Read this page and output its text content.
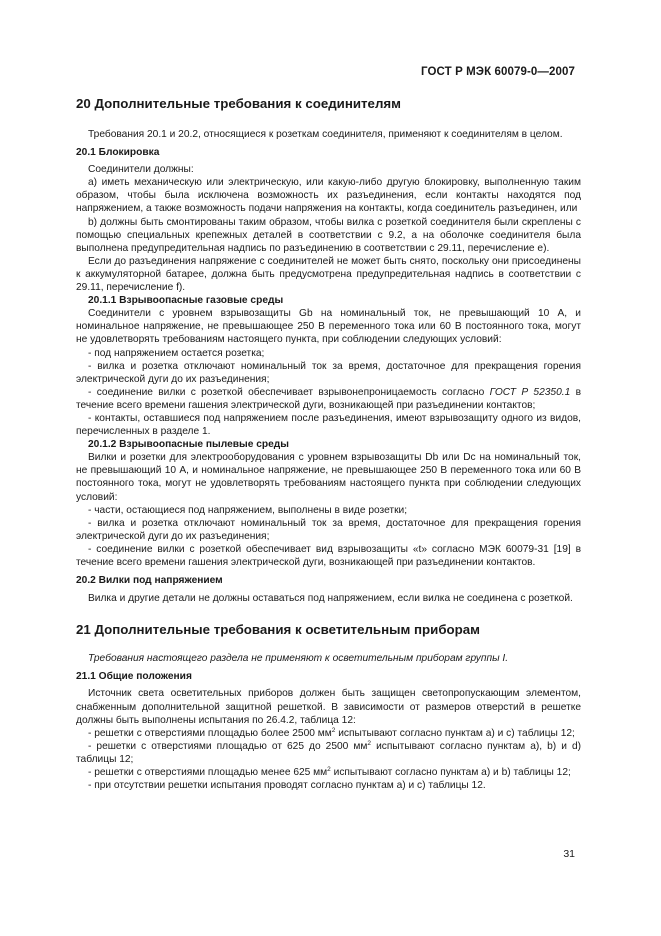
ГОСТ Р МЭК 60079-0—2007
20 Дополнительные требования к соединителям

Требования 20.1 и 20.2, относящиеся к розеткам соединителя, применяют к соединителям в целом.

20.1 Блокировка

Соединители должны:

а) иметь механическую или электрическую, или какую-либо другую блокировку, выполненную таким образом, чтобы была исключена возможность их разъединения, если контакты находятся под напряжением, а также возможность подачи напряжения на контакты, когда соединитель разъединен, или

b) должны быть смонтированы таким образом, чтобы вилка с розеткой соединителя были скреплены с помощью специальных крепежных деталей в соответствии с 9.2, а на оболочке соединителя была выполнена предупредительная надпись по разъединению в соответствии с 29.11, перечисление е).

Если до разъединения напряжение с соединителей не может быть снято, поскольку они присоединены к аккумуляторной батарее, должна быть предусмотрена предупредительная надпись в соответствии с 29.11, перечисление f).

20.1.1 Взрывоопасные газовые среды

Соединители с уровнем взрывозащиты Gb на номинальный ток, не превышающий 10 А, и номинальное напряжение, не превышающее 250 В переменного тока или 60 В постоянного тока, могут не удовлетворять требованиям настоящего пункта, при соблюдении следующих условий:

- под напряжением остается розетка;

- вилка и розетка отключают номинальный ток за время, достаточное для прекращения горения электрической дуги до их разъединения;

- соединение вилки с розеткой обеспечивает взрывонепроницаемость согласно ГОСТ Р 52350.1 в течение всего времени гашения электрической дуги, возникающей при разъединении контактов;

- контакты, оставшиеся под напряжением после разъединения, имеют взрывозащиту одного из видов, перечисленных в разделе 1.

20.1.2 Взрывоопасные пылевые среды

Вилки и розетки для электрооборудования с уровнем взрывозащиты Db или Dc на номинальный ток, не превышающий 10 А, и номинальное напряжение, не превышающее 250 В переменного тока или 60 В постоянного тока, могут не удовлетворять требованиям настоящего пункта при соблюдении следующих условий:

- части, остающиеся под напряжением, выполнены в виде розетки;

- вилка и розетка отключают номинальный ток за время, достаточное для прекращения горения электрической дуги до их разъединения;

- соединение вилки с розеткой обеспечивает вид взрывозащиты «t» согласно МЭК 60079-31 [19] в течение всего времени гашения электрической дуги, возникающей при разъединении контактов.

20.2 Вилки под напряжением

Вилка и другие детали не должны оставаться под напряжением, если вилка не соединена с розеткой.

21 Дополнительные требования к осветительным приборам

Требования настоящего раздела не применяют к осветительным приборам группы I.

21.1 Общие положения

Источник света осветительных приборов должен быть защищен светопропускающим элементом, снабженным дополнительной защитной решеткой. В зависимости от размеров отверстий в решетке должны быть выполнены испытания по 26.4.2, таблица 12:

- решетки с отверстиями площадью более 2500 $мм^2$ испытывают согласно пунктам а) и с) таблицы 12;

- решетки с отверстиями площадью от 625 до 2500 $мм^2$ испытывают согласно пунктам а), b) и d) таблицы 12;

- решетки с отверстиями площадью менее 625 $мм^2$ испытывают согласно пунктам а) и b) таблицы 12;

- при отсутствии решетки испытания проводят согласно пунктам а) и с) таблицы 12.

31
